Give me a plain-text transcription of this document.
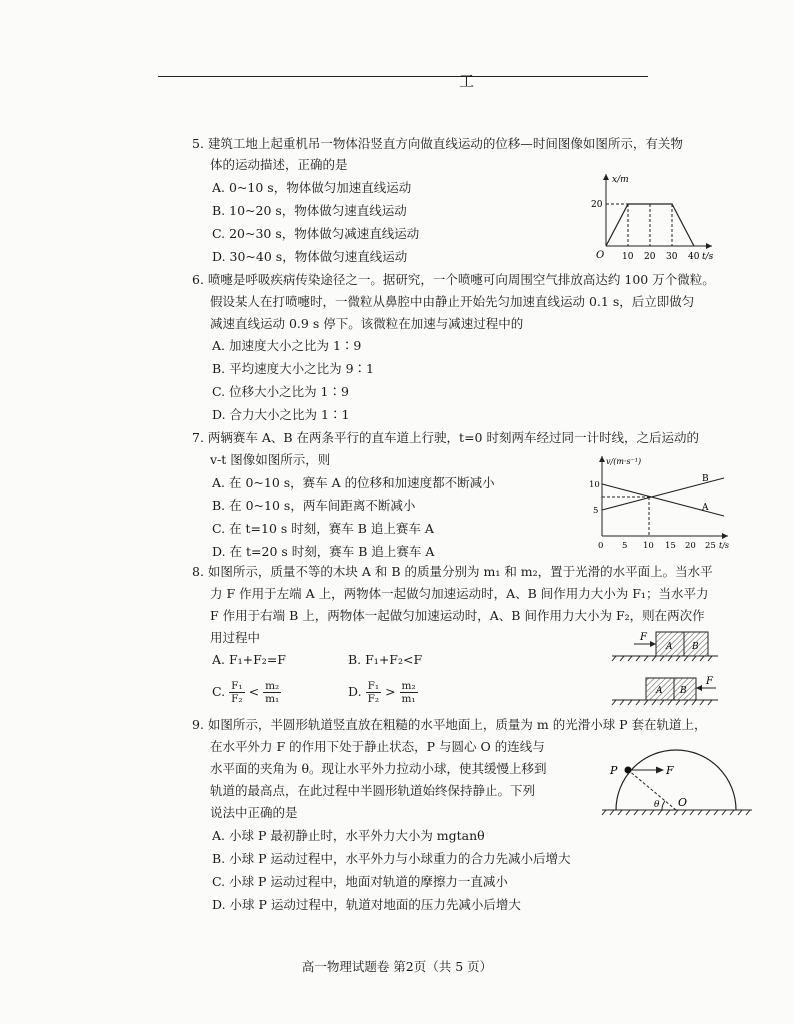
工
5. 建筑工地上起重机吊一物体沿竖直方向做直线运动的位移—时间图像如图所示，有关物
体的运动描述，正确的是
A. 0~10 s，物体做匀加速直线运动
B. 10~20 s，物体做匀速直线运动
C. 20~30 s，物体做匀减速直线运动
D. 30~40 s，物体做匀速直线运动
x/m
20
O 10 20 30 40 t/s
6. 喷嚏是呼吸疾病传染途径之一。据研究，一个喷嚏可向周围空气排放高达约 100 万个微粒。
假设某人在打喷嚏时，一微粒从鼻腔中由静止开始先匀加速直线运动 0.1 s，后立即做匀
减速直线运动 0.9 s 停下。该微粒在加速与减速过程中的
A. 加速度大小之比为 1∶9
B. 平均速度大小之比为 9∶1
C. 位移大小之比为 1∶9
D. 合力大小之比为 1∶1
7. 两辆赛车 A、B 在两条平行的直车道上行驶，t=0 时刻两车经过同一计时线，之后运动的
v-t 图像如图所示，则
A. 在 0~10 s，赛车 A 的位移和加速度都不断减小
B. 在 0~10 s，两车间距离不断减小
C. 在 t=10 s 时刻，赛车 B 追上赛车 A
D. 在 t=20 s 时刻，赛车 B 追上赛车 A
v/(m·s⁻¹)
10
5
0 5 10 15 20 25 t/s
A
B
8. 如图所示，质量不等的木块 A 和 B 的质量分别为 m₁ 和 m₂，置于光滑的水平面上。当水平
力 F 作用于左端 A 上，两物体一起做匀加速运动时，A、B 间作用力大小为 F₁；当水平力
F 作用于右端 B 上，两物体一起做匀加速运动时，A、B 间作用力大小为 F₂，则在两次作
用过程中
A. F₁+F₂=F	B. F₁+F₂<F
C. $\frac{\text{F₁}}{\text{F₂}} < \frac{\text{m₂}}{\text{m₁}}$	D. $\frac{\text{F₁}}{\text{F₂}} > \frac{\text{m₂}}{\text{m₁}}$
F
A B
F
A B
9. 如图所示，半圆形轨道竖直放在粗糙的水平地面上，质量为 m 的光滑小球 P 套在轨道上，
在水平外力 F 的作用下处于静止状态，P 与圆心 O 的连线与
水平面的夹角为 θ。现让水平外力拉动小球，使其缓慢上移到
轨道的最高点，在此过程中半圆形轨道始终保持静止。下列
说法中正确的是
A. 小球 P 最初静止时，水平外力大小为 mgtanθ
B. 小球 P 运动过程中，水平外力与小球重力的合力先减小后增大
C. 小球 P 运动过程中，地面对轨道的摩擦力一直减小
D. 小球 P 运动过程中，轨道对地面的压力先减小后增大
P	F
O
θ
高一物理试题卷 第2页（共 5 页）
